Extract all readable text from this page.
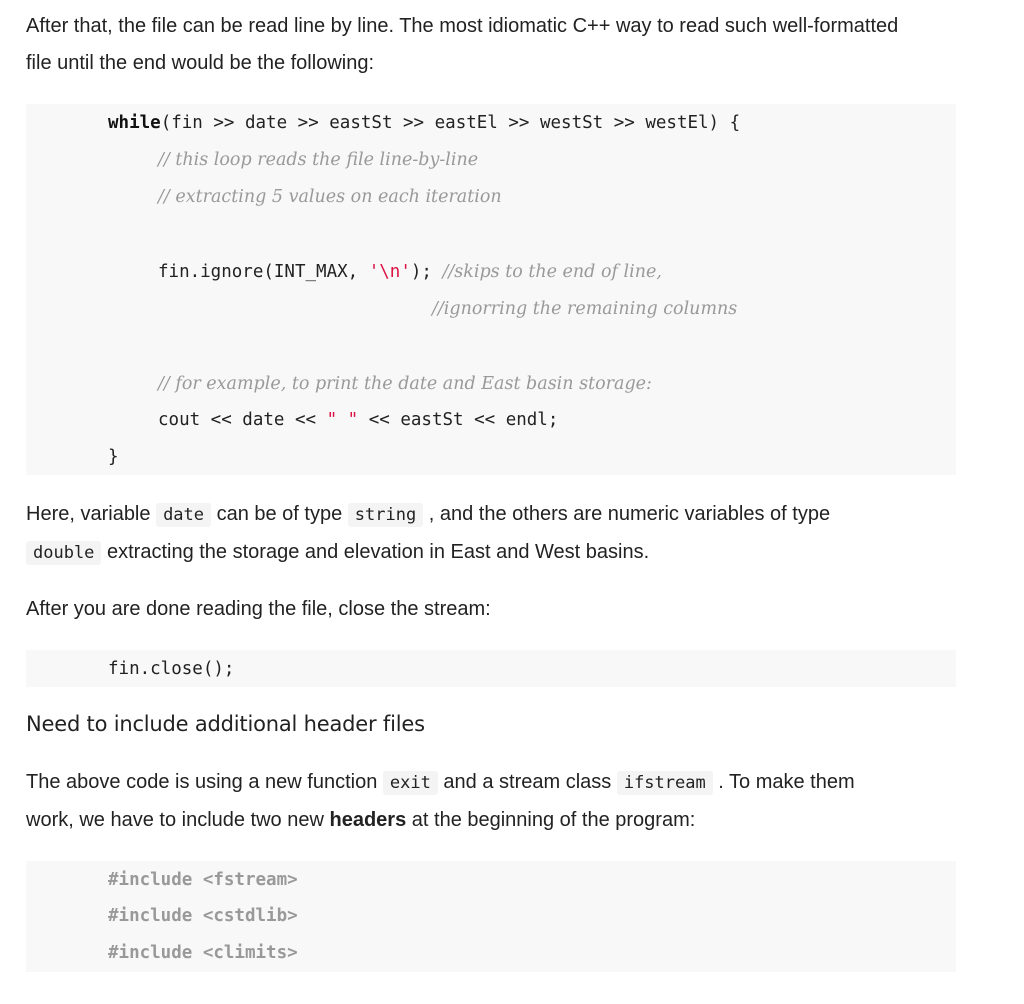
After that, the file can be read line by line. The most idiomatic C++ way to read such well-formatted
file until the end would be the following:

while(fin >> date >> eastSt >> eastEl >> westSt >> westEl) {
// this loop reads the file line-by-line
// extracting 5 values on each iteration
fin.ignore(INT_MAX, '\n'); //skips to the end of line,
//ignorring the remaining columns
// for example, to print the date and East basin storage:
cout << date << " " << eastSt << endl;
}

Here, variable date can be of type string , and the others are numeric variables of type
double extracting the storage and elevation in East and West basins.

After you are done reading the file, close the stream:

fin.close();
Need to include additional header files

The above code is using a new function exit and a stream class ifstream . To make them
work, we have to include two new headers at the beginning of the program:

#include <fstream>
#include <cstdlib>
#include <climits>
